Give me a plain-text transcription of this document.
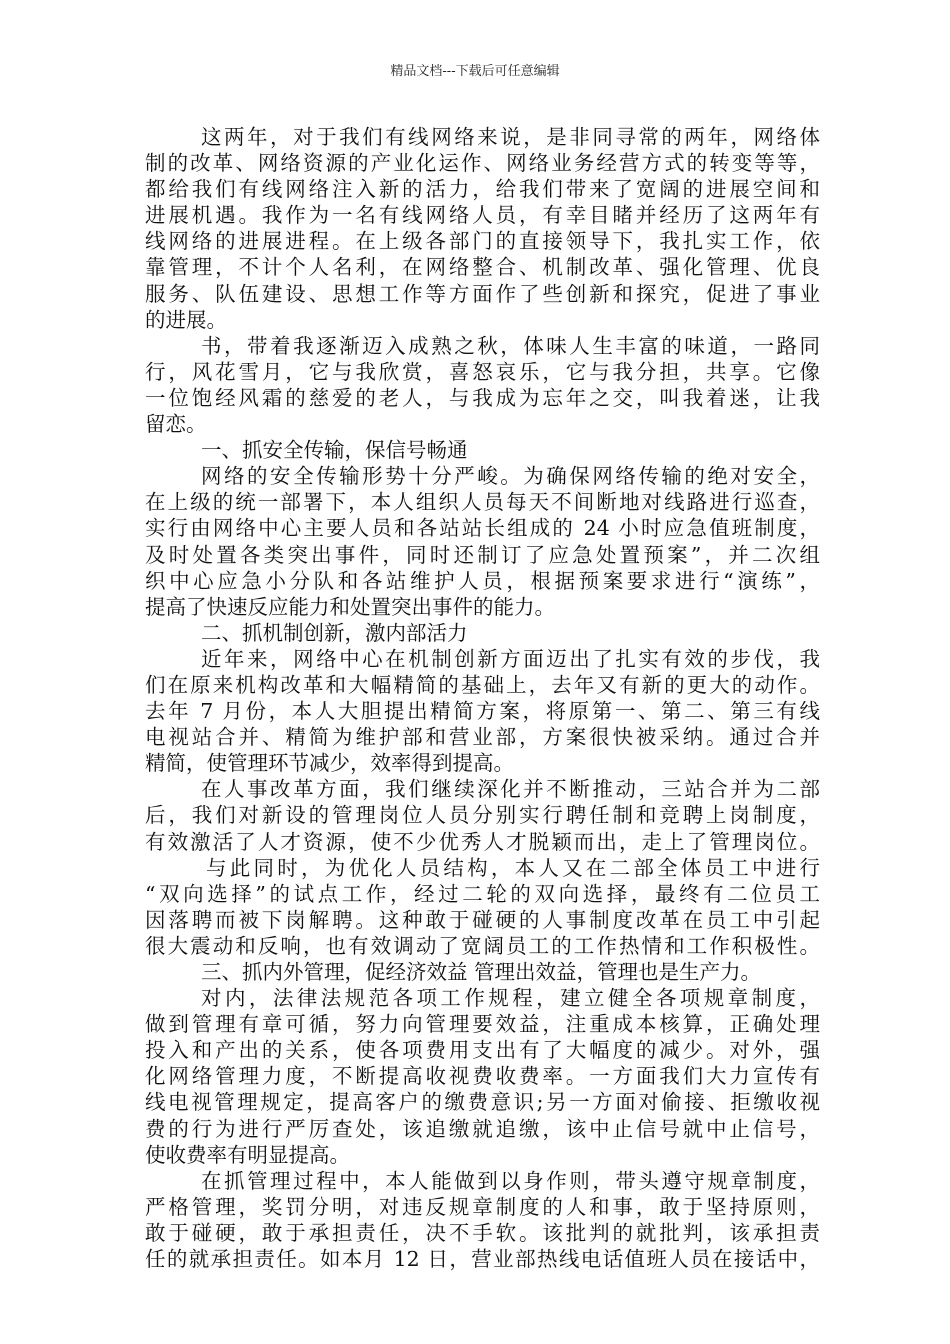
精品文档---下载后可任意编辑
这两年，对于我们有线网络来说，是非同寻常的两年，网络体
制的改革、网络资源的产业化运作、网络业务经营方式的转变等等，
都给我们有线网络注入新的活力，给我们带来了宽阔的进展空间和
进展机遇。我作为一名有线网络人员，有幸目睹并经历了这两年有
线网络的进展进程。在上级各部门的直接领导下，我扎实工作，依
靠管理，不计个人名利，在网络整合、机制改革、强化管理、优良
服务、队伍建设、思想工作等方面作了些创新和探究，促进了事业
的进展。
书，带着我逐渐迈入成熟之秋，体味人生丰富的味道，一路同
行，风花雪月，它与我欣赏，喜怒哀乐，它与我分担，共享。它像
一位饱经风霜的慈爱的老人，与我成为忘年之交，叫我着迷，让我
留恋。
一、抓安全传输，保信号畅通
网络的安全传输形势十分严峻。为确保网络传输的绝对安全，
在上级的统一部署下，本人组织人员每天不间断地对线路进行巡查，
实行由网络中心主要人员和各站站长组成的 24 小时应急值班制度，
及时处置各类突出事件，同时还制订了应急处置预案”，并二次组
织中心应急小分队和各站维护人员，根据预案要求进行“演练”，
提高了快速反应能力和处置突出事件的能力。
二、抓机制创新，激内部活力
近年来，网络中心在机制创新方面迈出了扎实有效的步伐，我
们在原来机构改革和大幅精简的基础上，去年又有新的更大的动作。
去年 7 月份，本人大胆提出精简方案，将原第一、第二、第三有线
电视站合并、精简为维护部和营业部，方案很快被采纳。通过合并
精简，使管理环节减少，效率得到提高。
在人事改革方面，我们继续深化并不断推动，三站合并为二部
后，我们对新设的管理岗位人员分别实行聘任制和竞聘上岗制度，
有效激活了人才资源，使不少优秀人才脱颖而出，走上了管理岗位。
与此同时，为优化人员结构，本人又在二部全体员工中进行
“双向选择”的试点工作，经过二轮的双向选择，最终有二位员工
因落聘而被下岗解聘。这种敢于碰硬的人事制度改革在员工中引起
很大震动和反响，也有效调动了宽阔员工的工作热情和工作积极性。
三、抓内外管理，促经济效益 管理出效益，管理也是生产力。
对内，法律法规范各项工作规程，建立健全各项规章制度，
做到管理有章可循，努力向管理要效益，注重成本核算，正确处理
投入和产出的关系，使各项费用支出有了大幅度的减少。对外，强
化网络管理力度，不断提高收视费收费率。一方面我们大力宣传有
线电视管理规定，提高客户的缴费意识;另一方面对偷接、拒缴收视
费的行为进行严厉查处，该追缴就追缴，该中止信号就中止信号，
使收费率有明显提高。
在抓管理过程中，本人能做到以身作则，带头遵守规章制度，
严格管理，奖罚分明，对违反规章制度的人和事，敢于坚持原则，
敢于碰硬，敢于承担责任，决不手软。该批判的就批判，该承担责
任的就承担责任。如本月 12 日，营业部热线电话值班人员在接话中，
